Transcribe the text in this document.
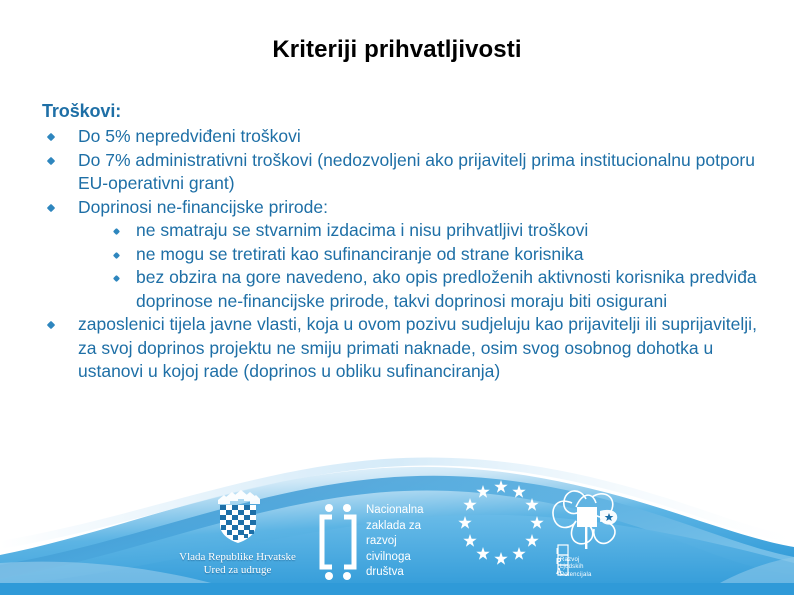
Kriteriji prihvatljivosti
Troškovi:
Do 5% nepredviđeni troškovi
Do 7% administrativni troškovi (nedozvoljeni ako prijavitelj prima institucionalnu potporu EU-operativni grant)
Doprinosi ne-financijske prirode:
ne smatraju se stvarnim izdacima i nisu prihvatljivi troškovi
ne mogu se tretirati kao sufinanciranje od strane korisnika
bez obzira na gore navedeno, ako opis predloženih aktivnosti korisnika predviđa doprinose ne-financijske prirode, takvi doprinosi moraju biti osigurani
zaposlenici tijela javne vlasti, koja u ovom pozivu sudjeluju kao prijavitelji ili suprijavitelji, za svoj doprinos projektu ne smiju primati naknade, osim svog osobnog dohotka u ustanovi u kojoj rade (doprinos u obliku sufinanciranja)
Vlada Republike Hrvatske
Ured za udruge
Nacionalna
zaklada za
razvoj
civilnoga
društva
I
P
A
Razvoj
Ljudskih
Potencijala
